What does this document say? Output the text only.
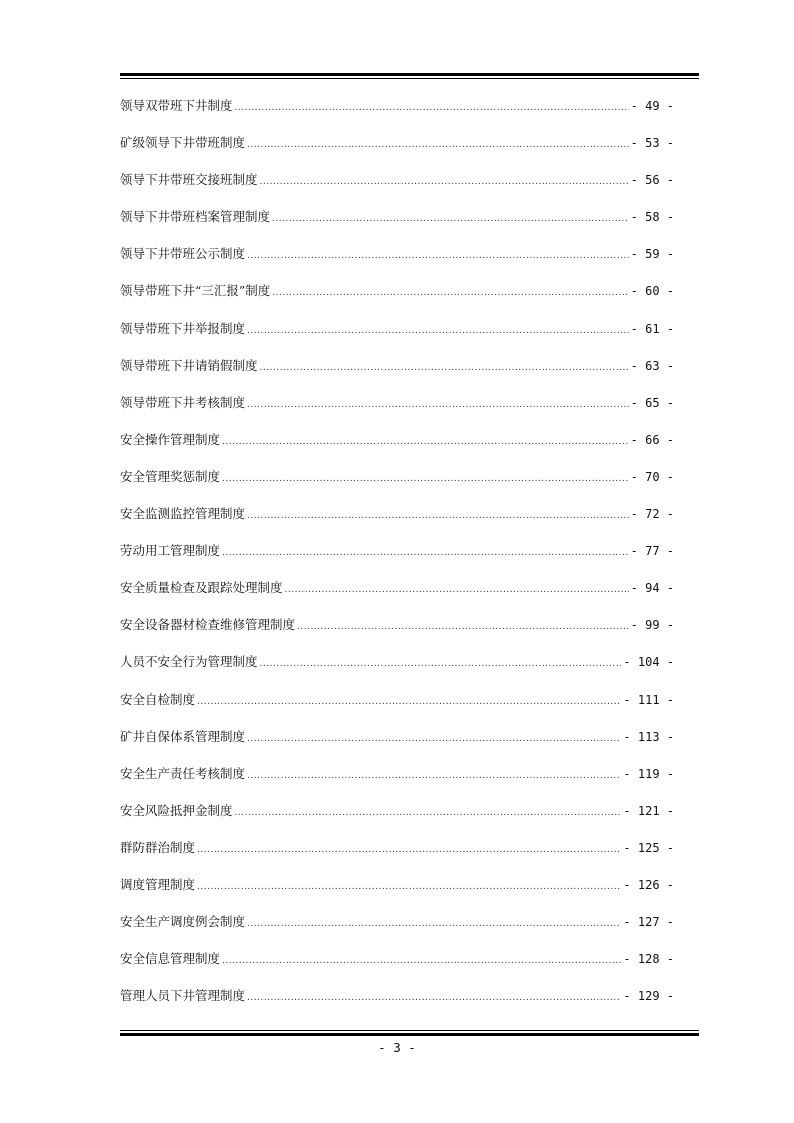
领导双带班下井制度 .....	- 49 -
矿级领导下井带班制度 .....	- 53 -
领导下井带班交接班制度 .....	- 56 -
领导下井带班档案管理制度 .....	- 58 -
领导下井带班公示制度 .....	- 59 -
领导带班下井“三汇报”制度 .....	- 60 -
领导带班下井举报制度 .....	- 61 -
领导带班下井请销假制度 .....	- 63 -
领导带班下井考核制度 .....	- 65 -
安全操作管理制度 .....	- 66 -
安全管理奖惩制度 .....	- 70 -
安全监测监控管理制度 .....	- 72 -
劳动用工管理制度 .....	- 77 -
安全质量检查及跟踪处理制度 .....	- 94 -
安全设备器材检查维修管理制度 .....	- 99 -
人员不安全行为管理制度 .....	- 104 -
安全自检制度 .....	- 111 -
矿井自保体系管理制度 .....	- 113 -
安全生产责任考核制度 .....	- 119 -
安全风险抵押金制度 .....	- 121 -
群防群治制度 .....	- 125 -
调度管理制度 .....	- 126 -
安全生产调度例会制度 .....	- 127 -
安全信息管理制度 .....	- 128 -
管理人员下井管理制度 .....	- 129 -
- 3 -
